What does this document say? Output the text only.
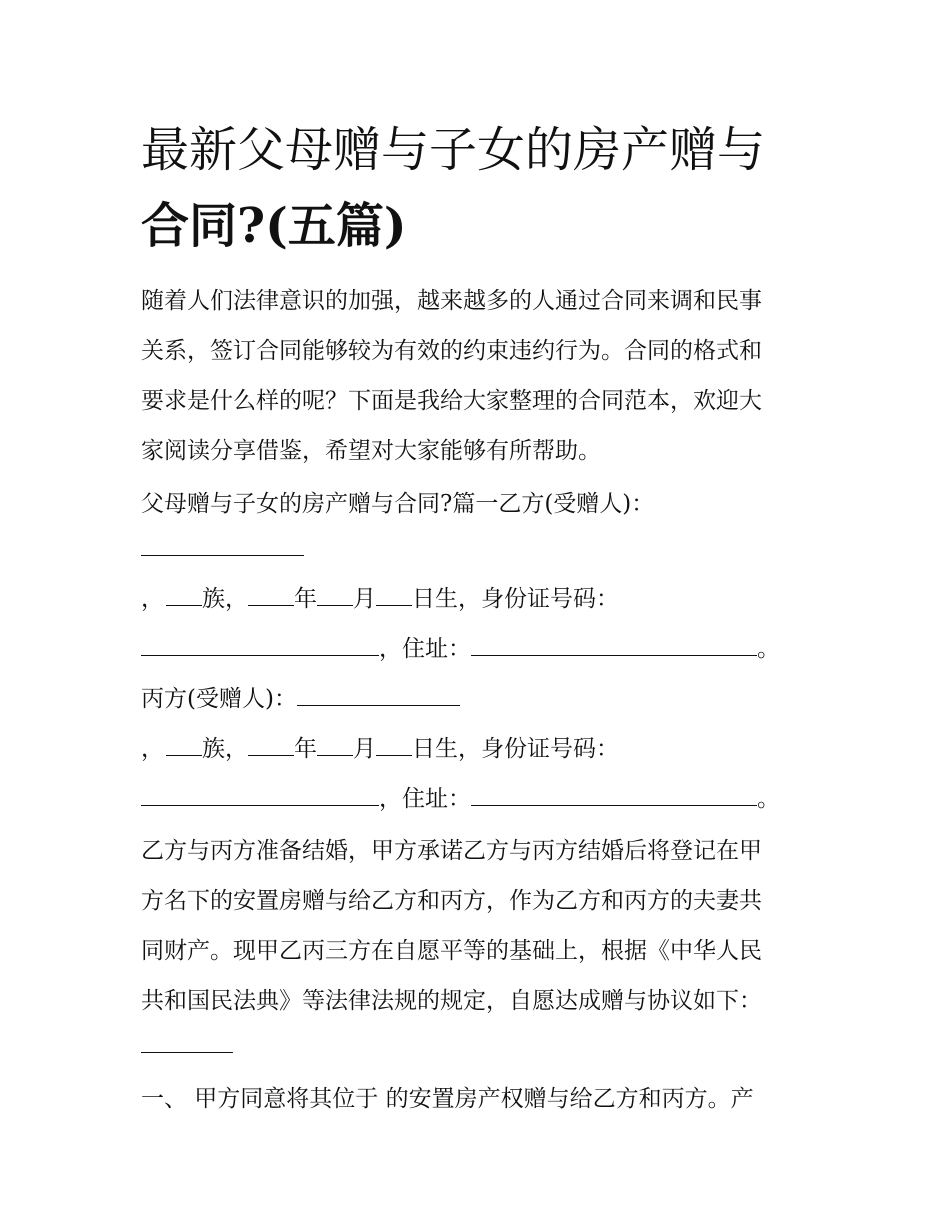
最新父母赠与子女的房产赠与
合同?(五篇)
随着人们法律意识的加强，越来越多的人通过合同来调和民事
关系，签订合同能够较为有效的约束违约行为。合同的格式和
要求是什么样的呢？下面是我给大家整理的合同范本，欢迎大
家阅读分享借鉴，希望对大家能够有所帮助。
父母赠与子女的房产赠与合同?篇一乙方(受赠人)：
， 族， 年 月 日生，身份证号码：
，住址：	。
丙方(受赠人)：
， 族， 年 月 日生，身份证号码：
，住址：	。
乙方与丙方准备结婚，甲方承诺乙方与丙方结婚后将登记在甲
方名下的安置房赠与给乙方和丙方，作为乙方和丙方的夫妻共
同财产。现甲乙丙三方在自愿平等的基础上，根据《中华人民
共和国民法典》等法律法规的规定，自愿达成赠与协议如下：
一、 甲方同意将其位于 的安置房产权赠与给乙方和丙方。产
